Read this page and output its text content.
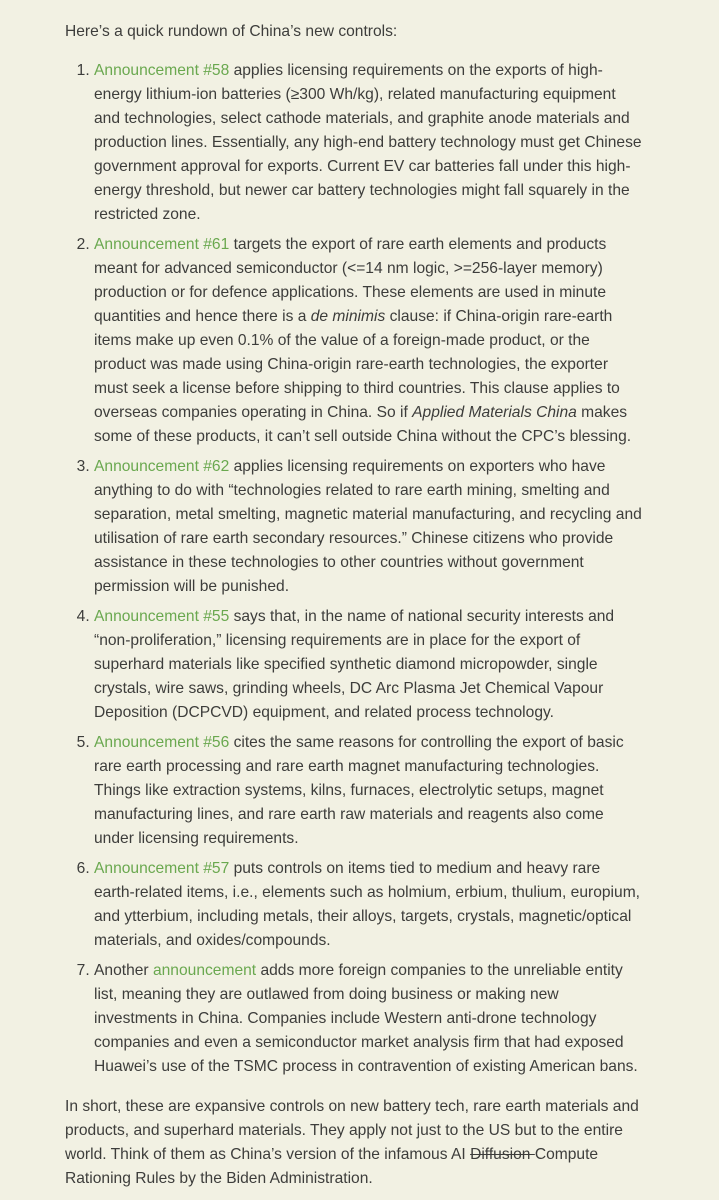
Here’s a quick rundown of China’s new controls:

1. Announcement #58 applies licensing requirements on the exports of high-energy lithium-ion batteries (≥300 Wh/kg), related manufacturing equipment and technologies, select cathode materials, and graphite anode materials and production lines. Essentially, any high-end battery technology must get Chinese government approval for exports. Current EV car batteries fall under this high-energy threshold, but newer car battery technologies might fall squarely in the restricted zone.
2. Announcement #61 targets the export of rare earth elements and products meant for advanced semiconductor (<=14 nm logic, >=256-layer memory) production or for defence applications. These elements are used in minute quantities and hence there is a de minimis clause: if China-origin rare-earth items make up even 0.1% of the value of a foreign-made product, or the product was made using China-origin rare-earth technologies, the exporter must seek a license before shipping to third countries. This clause applies to overseas companies operating in China. So if Applied Materials China makes some of these products, it can’t sell outside China without the CPC’s blessing.
3. Announcement #62 applies licensing requirements on exporters who have anything to do with “technologies related to rare earth mining, smelting and separation, metal smelting, magnetic material manufacturing, and recycling and utilisation of rare earth secondary resources.” Chinese citizens who provide assistance in these technologies to other countries without government permission will be punished.
4. Announcement #55 says that, in the name of national security interests and “non-proliferation,” licensing requirements are in place for the export of superhard materials like specified synthetic diamond micropowder, single crystals, wire saws, grinding wheels, DC Arc Plasma Jet Chemical Vapour Deposition (DCPCVD) equipment, and related process technology.
5. Announcement #56 cites the same reasons for controlling the export of basic rare earth processing and rare earth magnet manufacturing technologies. Things like extraction systems, kilns, furnaces, electrolytic setups, magnet manufacturing lines, and rare earth raw materials and reagents also come under licensing requirements.
6. Announcement #57 puts controls on items tied to medium and heavy rare earth-related items, i.e., elements such as holmium, erbium, thulium, europium, and ytterbium, including metals, their alloys, targets, crystals, magnetic/optical materials, and oxides/compounds.
7. Another announcement adds more foreign companies to the unreliable entity list, meaning they are outlawed from doing business or making new investments in China. Companies include Western anti-drone technology companies and even a semiconductor market analysis firm that had exposed Huawei’s use of the TSMC process in contravention of existing American bans.

In short, these are expansive controls on new battery tech, rare earth materials and products, and superhard materials. They apply not just to the US but to the entire world. Think of them as China’s version of the infamous AI Diffusion Compute Rationing Rules by the Biden Administration.
